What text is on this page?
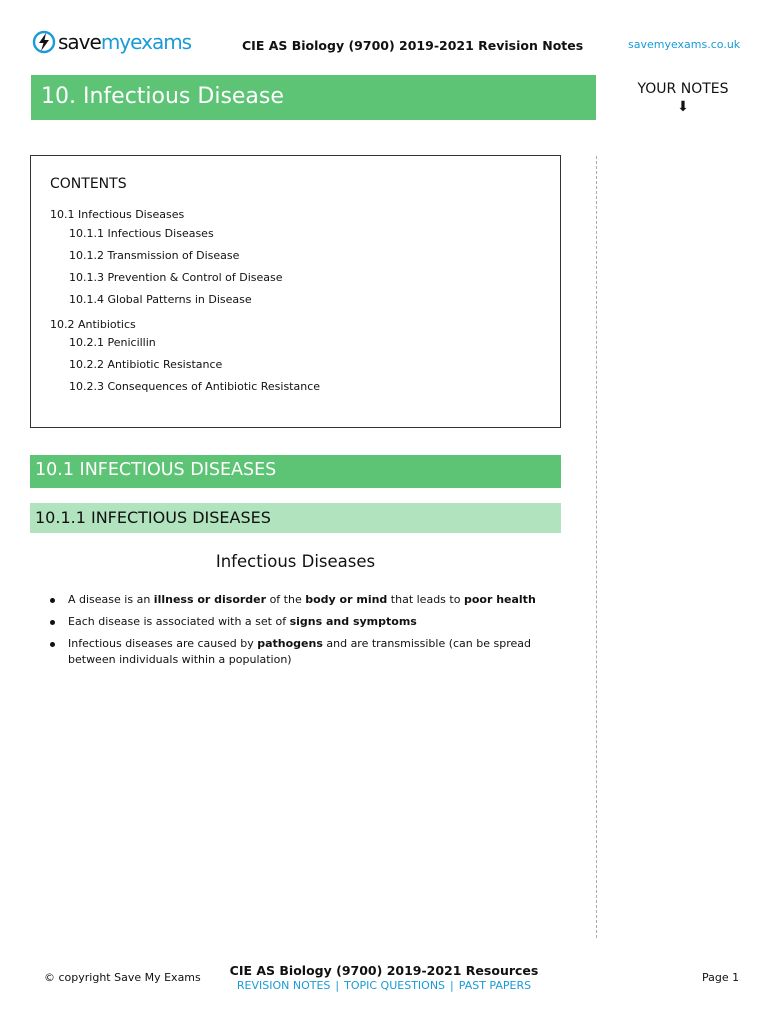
savemyexams	CIE AS Biology (9700) 2019-2021 Revision Notes	savemyexams.co.uk
10. Infectious Disease	YOUR NOTES
⬇
CONTENTS
10.1 Infectious Diseases
10.1.1 Infectious Diseases
10.1.2 Transmission of Disease
10.1.3 Prevention & Control of Disease
10.1.4 Global Patterns in Disease
10.2 Antibiotics
10.2.1 Penicillin
10.2.2 Antibiotic Resistance
10.2.3 Consequences of Antibiotic Resistance
10.1 INFECTIOUS DISEASES
10.1.1 INFECTIOUS DISEASES
Infectious Diseases
A disease is an illness or disorder of the body or mind that leads to poor health
Each disease is associated with a set of signs and symptoms
Infectious diseases are caused by pathogens and are transmissible (can be spread between individuals within a population)
© copyright Save My Exams	CIE AS Biology (9700) 2019-2021 Resources
REVISION NOTES | TOPIC QUESTIONS | PAST PAPERS
Page 1
